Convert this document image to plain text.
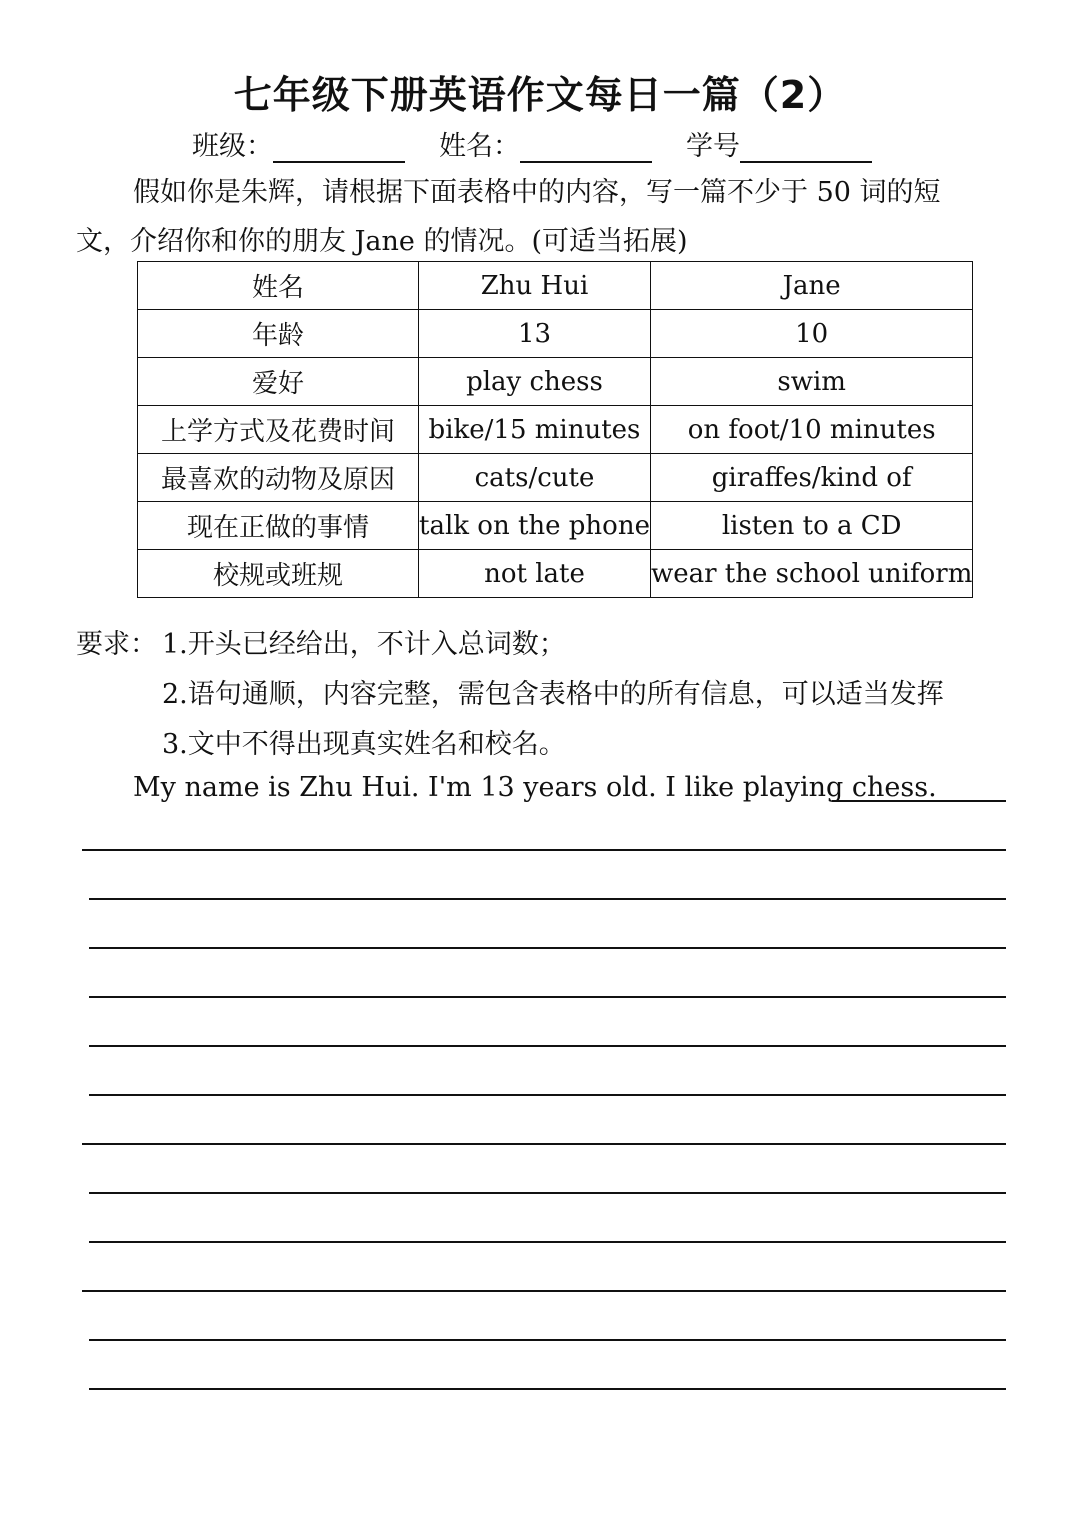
七年级下册英语作文每日一篇（2）
班级：	姓名：	学号
假如你是朱辉，请根据下面表格中的内容，写一篇不少于 50 词的短
文，介绍你和你的朋友 Jane 的情况。(可适当拓展)
姓名	Zhu Hui	Jane
年龄	13	10
爱好	play chess	swim
上学方式及花费时间	bike/15 minutes	on foot/10 minutes
最喜欢的动物及原因	cats/cute	giraffes/kind of
现在正做的事情	talk on the phone	listen to a CD
校规或班规	not late	wear the school uniform
要求： 1.开头已经给出，不计入总词数；
2.语句通顺，内容完整，需包含表格中的所有信息，可以适当发挥
3.文中不得出现真实姓名和校名。
My name is Zhu Hui. I'm 13 years old. I like playing chess.
